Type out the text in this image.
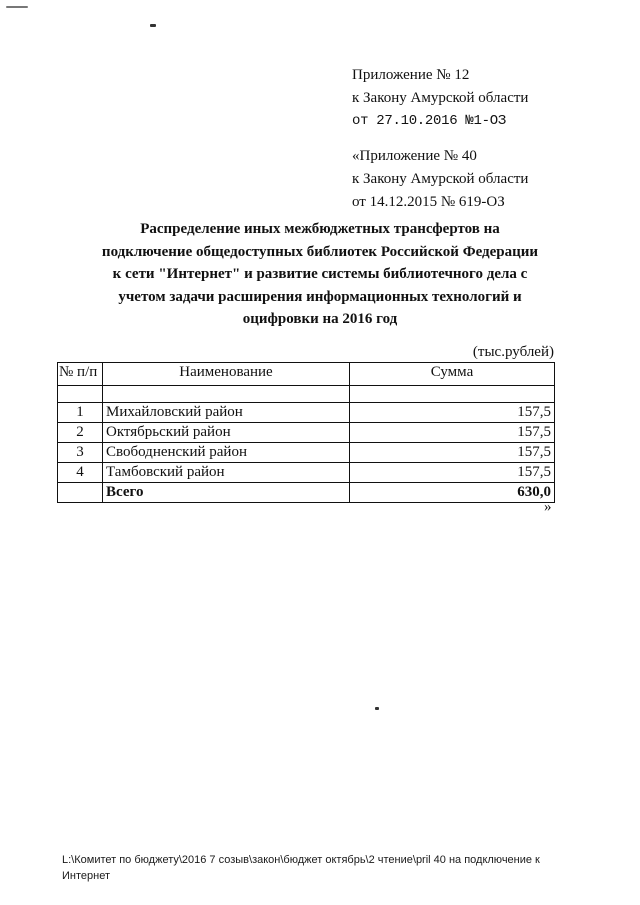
Приложение № 12
к Закону Амурской области
от 27.10.2016 №1-ОЗ
«Приложение № 40
к Закону Амурской области
от 14.12.2015 № 619-ОЗ
Распределение иных межбюджетных трансфертов на
подключение общедоступных библиотек Российской Федерации
к сети "Интернет" и развитие системы библиотечного дела с
учетом задачи расширения информационных технологий и
оцифровки на 2016 год
(тыс.рублей)
№ п/п	Наименование	Сумма

1	Михайловский район	157,5
2	Октябрьский район	157,5
3	Свободненский район	157,5
4	Тамбовский район	157,5
	Всего	630,0
»
L:\Комитет по бюджету\2016 7 созыв\закон\бюджет октябрь\2 чтение\pril 40 на подключение к Интернет
